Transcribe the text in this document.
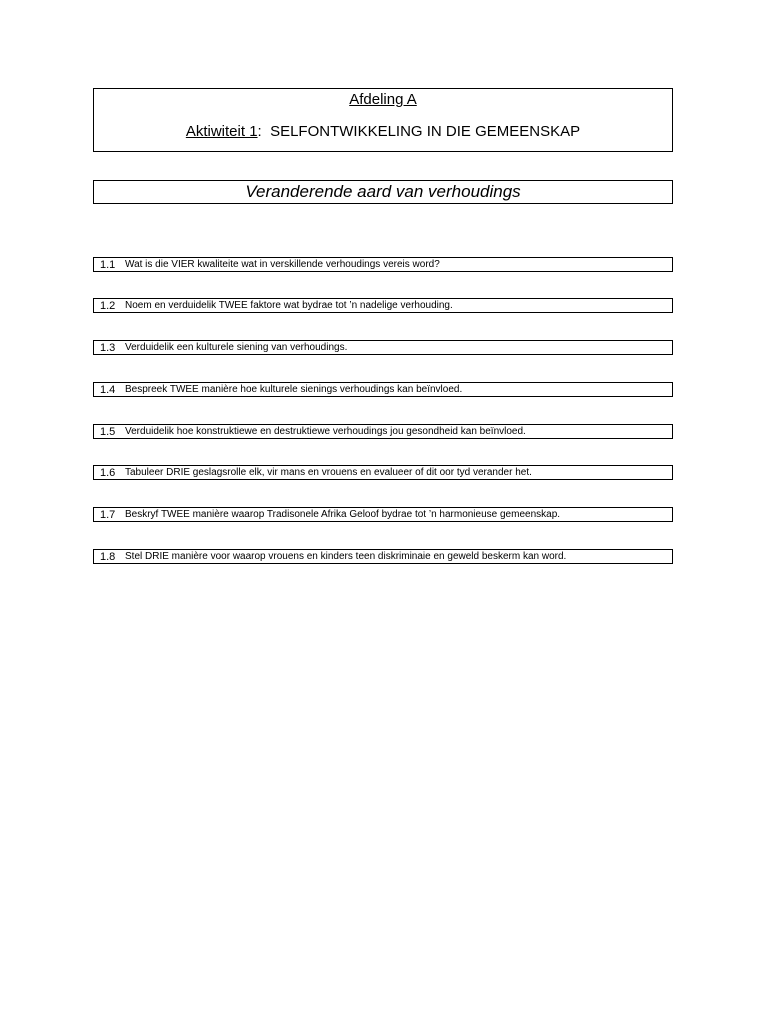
Afdeling A
Aktiwiteit 1: SELFONTWIKKELING IN DIE GEMEENSKAP
Veranderende aard van verhoudings
1.1 Wat is die VIER kwaliteite wat in verskillende verhoudings vereis word?
1.2 Noem en verduidelik TWEE faktore wat bydrae tot ’n nadelige verhouding.
1.3 Verduidelik een kulturele siening van verhoudings.
1.4 Bespreek TWEE manière hoe kulturele sienings verhoudings kan beïnvloed.
1.5 Verduidelik hoe konstruktiewe en destruktiewe verhoudings jou gesondheid kan beïnvloed.
1.6 Tabuleer DRIE geslagsrolle elk, vir mans en vrouens en evalueer of dit oor tyd verander het.
1.7 Beskryf TWEE manière waarop Tradisonele Afrika Geloof bydrae tot ’n harmonieuse gemeenskap.
1.8 Stel DRIE manière voor waarop vrouens en kinders teen diskriminaie en geweld beskerm kan word.
